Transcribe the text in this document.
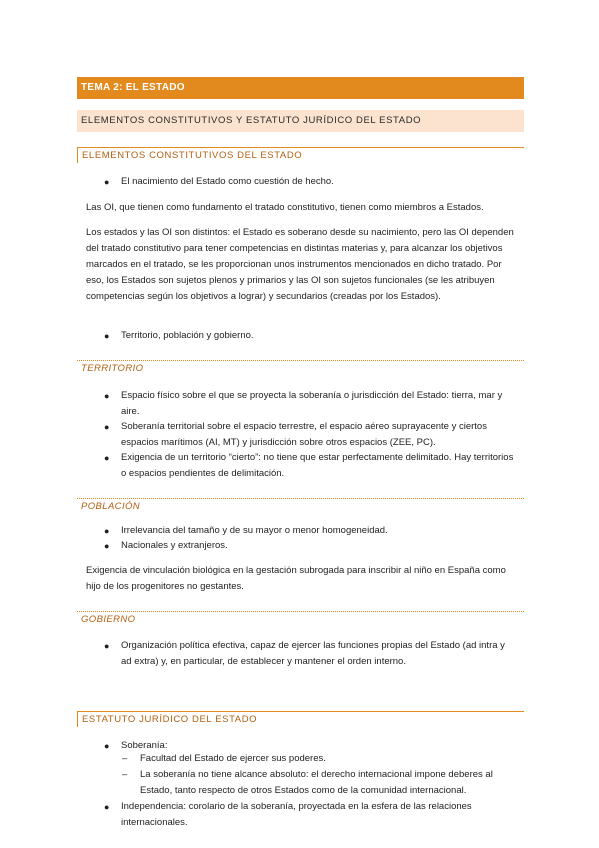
TEMA 2: EL ESTADO
ELEMENTOS CONSTITUTIVOS Y ESTATUTO JURÍDICO DEL ESTADO
ELEMENTOS CONSTITUTIVOS DEL ESTADO
● El nacimiento del Estado como cuestión de hecho.
Las OI, que tienen como fundamento el tratado constitutivo, tienen como miembros a Estados.
Los estados y las OI son distintos: el Estado es soberano desde su nacimiento, pero las OI dependen del tratado constitutivo para tener competencias en distintas materias y, para alcanzar los objetivos marcados en el tratado, se les proporcionan unos instrumentos mencionados en dicho tratado. Por eso, los Estados son sujetos plenos y primarios y las OI son sujetos funcionales (se les atribuyen competencias según los objetivos a lograr) y secundarios (creadas por los Estados).
● Territorio, población y gobierno.
TERRITORIO
● Espacio físico sobre el que se proyecta la soberanía o jurisdicción del Estado: tierra, mar y aire.
● Soberanía territorial sobre el espacio terrestre, el espacio aéreo suprayacente y ciertos espacios marítimos (AI, MT) y jurisdicción sobre otros espacios (ZEE, PC).
● Exigencia de un territorio “cierto”: no tiene que estar perfectamente delimitado. Hay territorios o espacios pendientes de delimitación.
POBLACIÓN
● Irrelevancia del tamaño y de su mayor o menor homogeneidad.
● Nacionales y extranjeros.
Exigencia de vinculación biológica en la gestación subrogada para inscribir al niño en España como hijo de los progenitores no gestantes.
GOBIERNO
● Organización política efectiva, capaz de ejercer las funciones propias del Estado (ad intra y ad extra) y, en particular, de establecer y mantener el orden interno.
ESTATUTO JURÍDICO DEL ESTADO
● Soberanía:
– Facultad del Estado de ejercer sus poderes.
– La soberanía no tiene alcance absoluto: el derecho internacional impone deberes al Estado, tanto respecto de otros Estados como de la comunidad internacional.
● Independencia: corolario de la soberanía, proyectada en la esfera de las relaciones internacionales.
